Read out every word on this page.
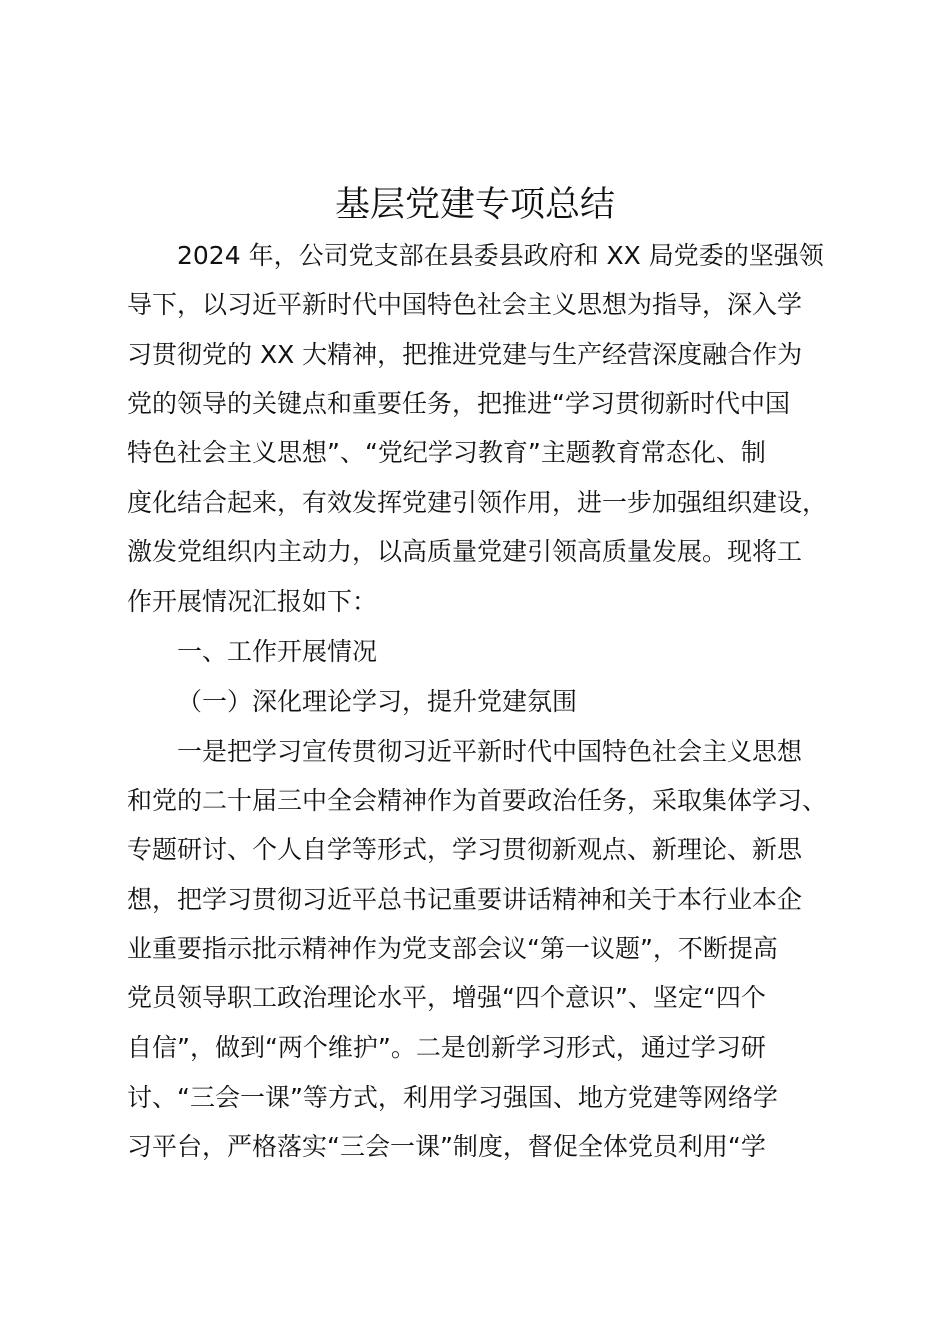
基层党建专项总结

2024 年，公司党支部在县委县政府和 XX 局党委的坚强领

导下，以习近平新时代中国特色社会主义思想为指导，深入学

习贯彻党的 XX 大精神，把推进党建与生产经营深度融合作为

党的领导的关键点和重要任务，把推进“学习贯彻新时代中国

特色社会主义思想”、“党纪学习教育”主题教育常态化、制

度化结合起来，有效发挥党建引领作用，进一步加强组织建设，

激发党组织内主动力，以高质量党建引领高质量发展。现将工

作开展情况汇报如下：

一、工作开展情况

（一）深化理论学习，提升党建氛围

一是把学习宣传贯彻习近平新时代中国特色社会主义思想

和党的二十届三中全会精神作为首要政治任务，采取集体学习、

专题研讨、个人自学等形式，学习贯彻新观点、新理论、新思

想，把学习贯彻习近平总书记重要讲话精神和关于本行业本企

业重要指示批示精神作为党支部会议“第一议题”，不断提高

党员领导职工政治理论水平，增强“四个意识”、坚定“四个

自信”，做到“两个维护”。二是创新学习形式，通过学习研

讨、“三会一课”等方式，利用学习强国、地方党建等网络学

习平台，严格落实“三会一课”制度，督促全体党员利用“学
